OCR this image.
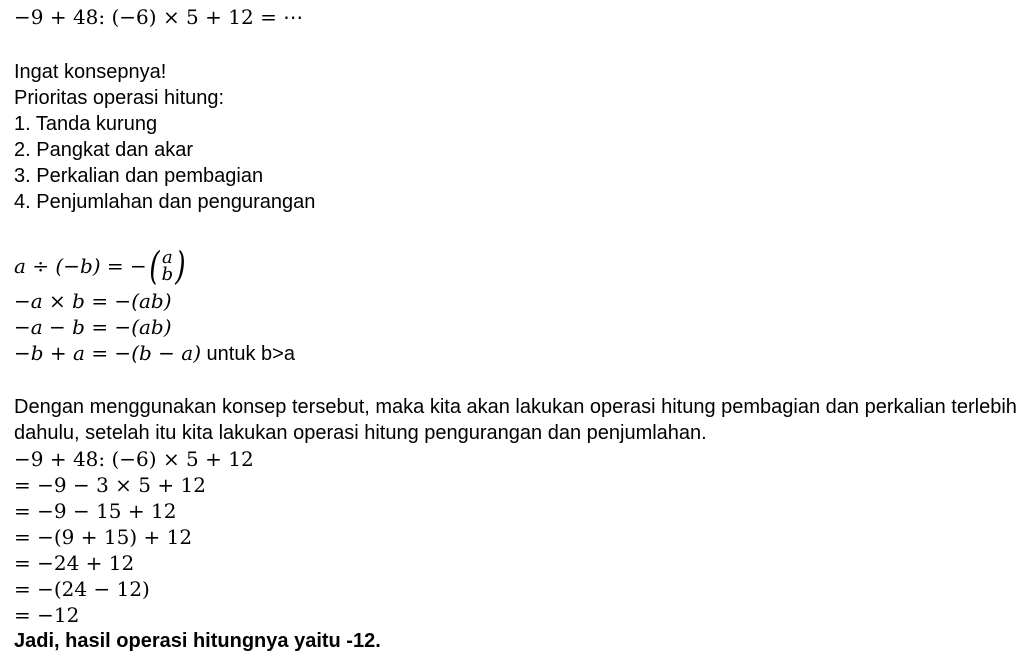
−9 + 48: (−6) × 5 + 12 = ⋯
Ingat konsepnya!
Prioritas operasi hitung:
1. Tanda kurung
2. Pangkat dan akar
3. Perkalian dan pembagian
4. Penjumlahan dan pengurangan
a ÷ (−b) = − ( a
b )
−a × b = −(ab)
−a − b = −(ab)
−b + a = −(b − a) untuk b>a
Dengan menggunakan konsep tersebut, maka kita akan lakukan operasi hitung pembagian dan perkalian terlebih
dahulu, setelah itu kita lakukan operasi hitung pengurangan dan penjumlahan.
−9 + 48: (−6) × 5 + 12
= −9 − 3 × 5 + 12
= −9 − 15 + 12
= −(9 + 15) + 12
= −24 + 12
= −(24 − 12)
= −12
Jadi, hasil operasi hitungnya yaitu -12.
